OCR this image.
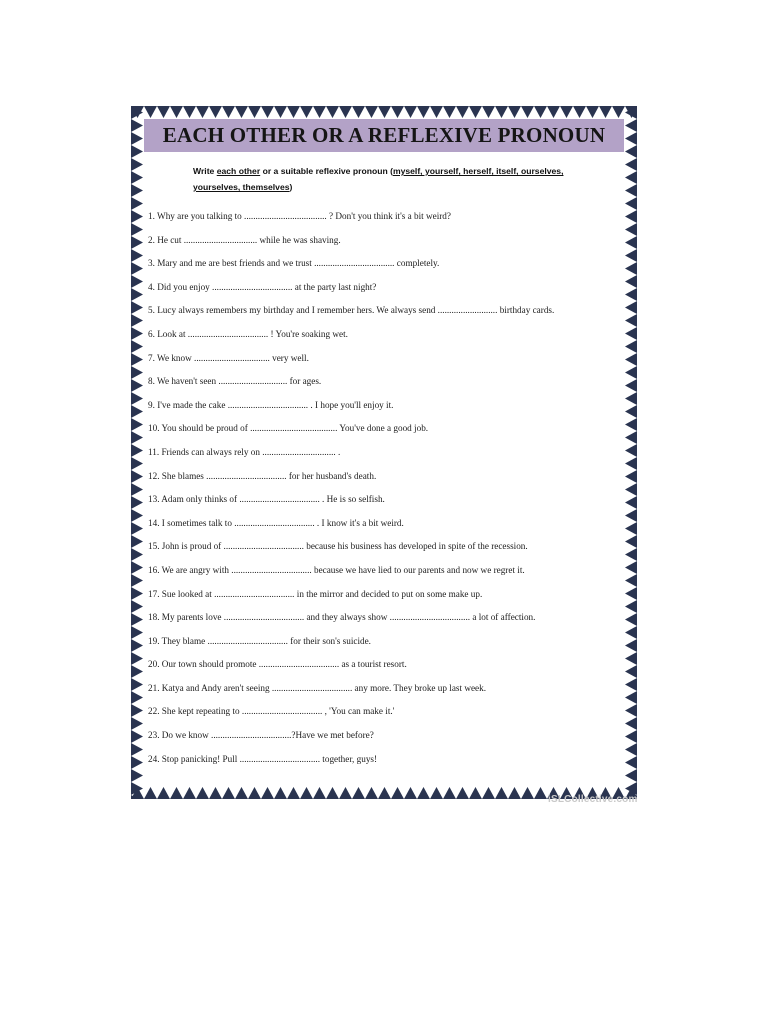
EACH OTHER OR A REFLEXIVE PRONOUN
Write each other or a suitable reflexive pronoun (myself, yourself, herself, itself, ourselves,
yourselves, themselves)
1. Why are you talking to .................................... ? Don't you think it's a bit weird?
2. He cut ................................ while he was shaving.
3. Mary and me are best friends and we trust ................................... completely.
4. Did you enjoy ................................... at the party last night?
5. Lucy always remembers my birthday and I remember hers. We always send .......................... birthday cards.
6. Look at ................................... ! You're soaking wet.
7. We know ................................. very well.
8. We haven't seen .............................. for ages.
9. I've made the cake ................................... . I hope you'll enjoy it.
10. You should be proud of ...................................... You've done a good job.
11. Friends can always rely on ................................ .
12. She blames ................................... for her husband's death.
13. Adam only thinks of ................................... . He is so selfish.
14. I sometimes talk to ................................... . I know it's a bit weird.
15. John is proud of ................................... because his business has developed in spite of the recession.
16. We are angry with ................................... because we have lied to our parents and now we regret it.
17. Sue looked at ................................... in the mirror and decided to put on some make up.
18. My parents love ................................... and they always show ................................... a lot of affection.
19. They blame ................................... for their son's suicide.
20. Our town should promote ................................... as a tourist resort.
21. Katya and Andy aren't seeing ................................... any more. They broke up last week.
22. She kept repeating to ................................... , 'You can make it.'
23. Do we know ...................................?Have we met before?
24. Stop panicking! Pull ................................... together, guys!
iSLCollective.com
